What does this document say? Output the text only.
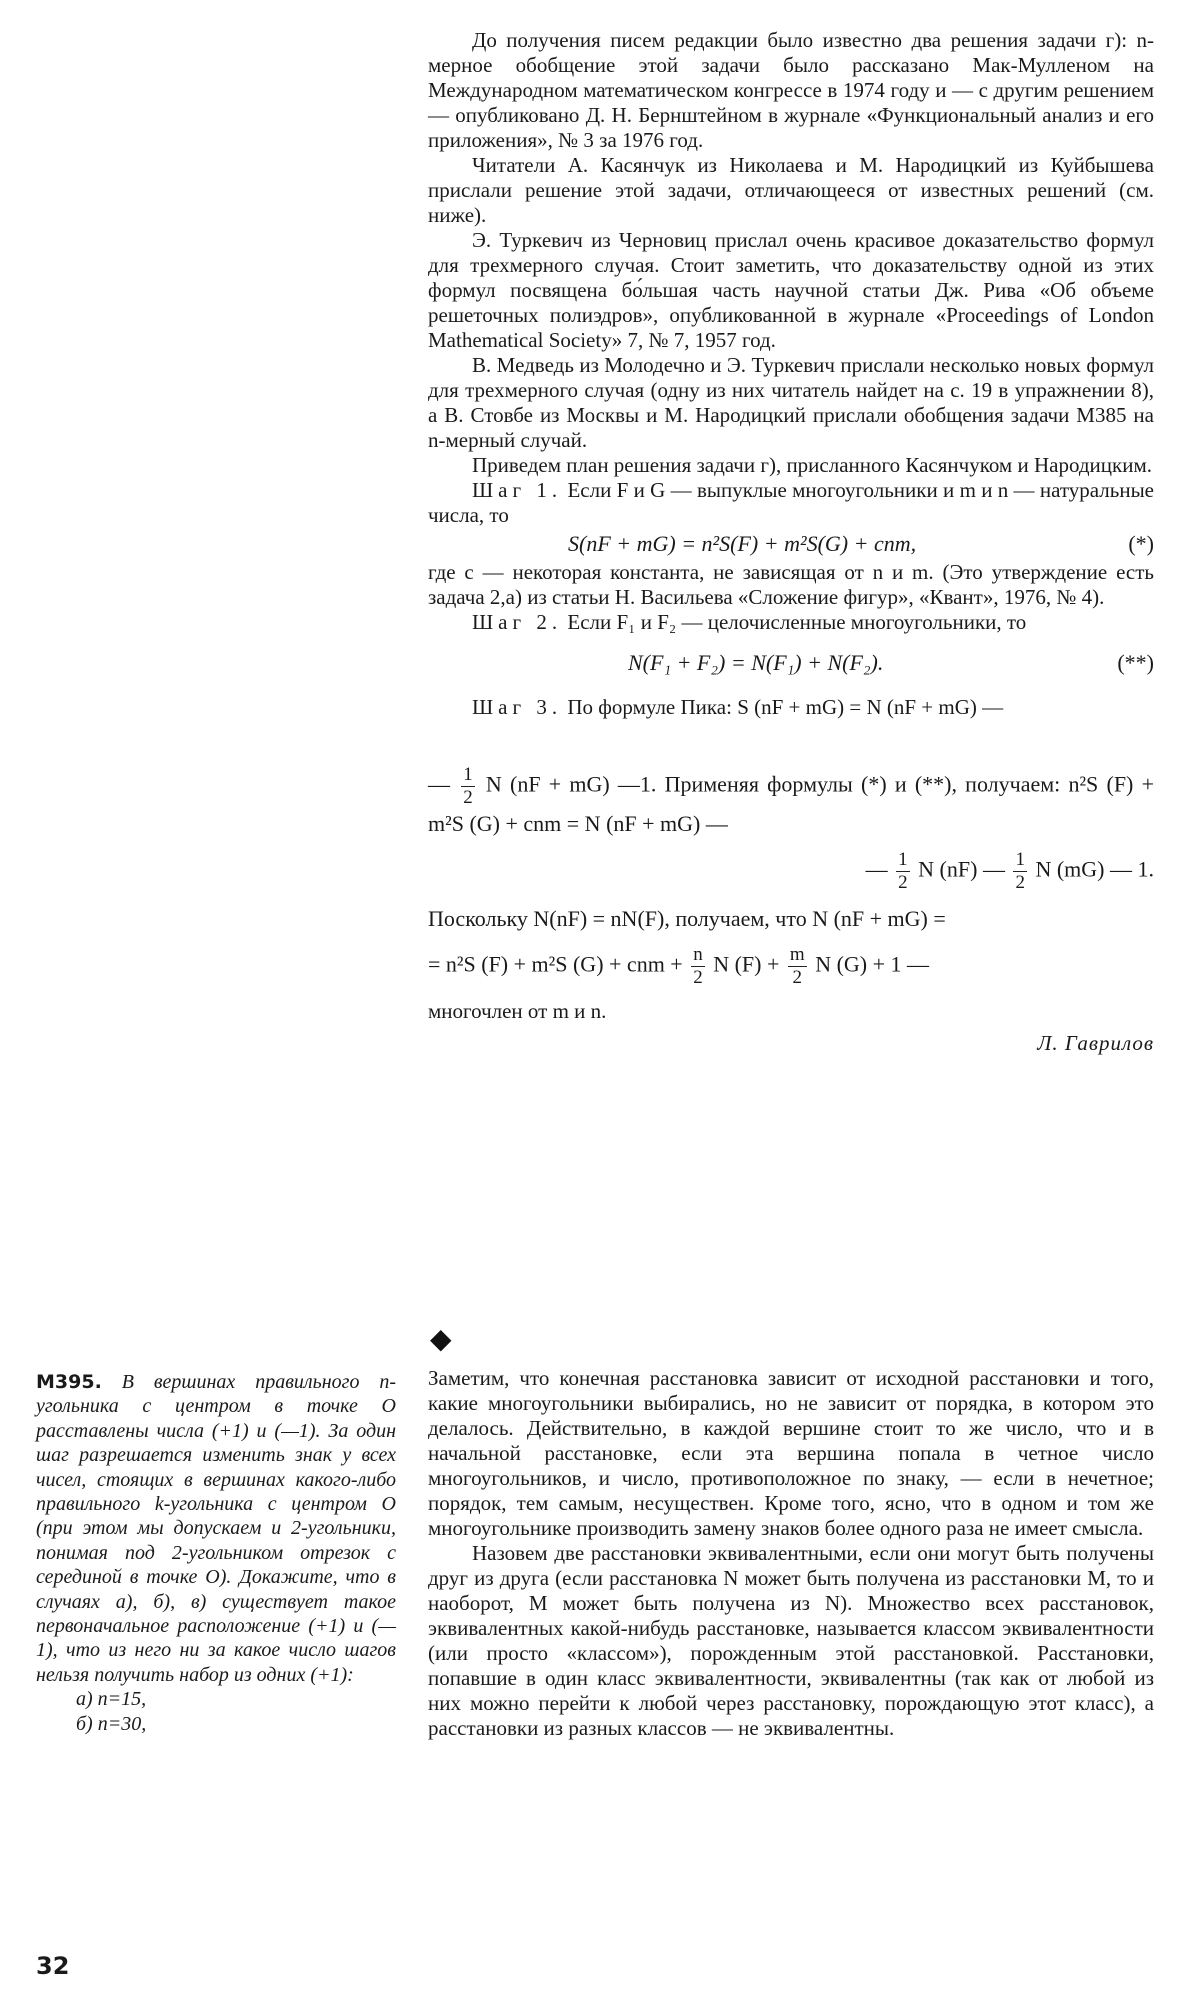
До получения писем редакции было известно два решения задачи г): n-мерное обобщение этой задачи было рассказано Мак-Мулленом на Международном математическом конгрессе в 1974 году и — с другим решением — опубликовано Д. Н. Бернштейном в журнале «Функциональный анализ и его приложения», № 3 за 1976 год.

Читатели А. Касянчук из Николаева и М. Народицкий из Куйбышева прислали решение этой задачи, отличающееся от известных решений (см. ниже).

Э. Туркевич из Черновиц прислал очень красивое доказательство формул для трехмерного случая. Стоит заметить, что доказательству одной из этих формул посвящена бо́льшая часть научной статьи Дж. Рива «Об объеме решеточных полиэдров», опубликованной в журнале «Proceedings of London Mathematical Society» 7, № 7, 1957 год.

В. Медведь из Молодечно и Э. Туркевич прислали несколько новых формул для трехмерного случая (одну из них читатель найдет на с. 19 в упражнении 8), а В. Стовбе из Москвы и М. Народицкий прислали обобщения задачи М385 на n-мерный случай.

Приведем план решения задачи г), присланного Касянчуком и Народицким.

Шаг 1. Если F и G — выпуклые многоугольники и m и n — натуральные числа, то

S(nF + mG) = n²S(F) + m²S(G) + cnm,	(*)

где c — некоторая константа, не зависящая от n и m. (Это утверждение есть задача 2,а) из статьи Н. Васильева «Сложение фигур», «Квант», 1976, № 4).

Шаг 2. Если F₁ и F₂ — целочисленные многоугольники, то

N(F₁ + F₂) = N(F₁) + N(F₂).	(**)

Шаг 3. По формуле Пика: S (nF + mG) = N (nF + mG) —

— $\frac{1}{2}$ N (nF + mG) —1. Применяя формулы (*) и (**), получаем: n²S (F) + m²S (G) + cnm = N (nF + mG) —
— $\frac{1}{2}$ N (nF) — $\frac{1}{2}$ N (mG) — 1.
Поскольку N(nF) = nN(F), получаем, что N (nF + mG) =
= n²S (F) + m²S (G) + cnm + $\frac{n}{2}$ N $(F) + \frac{m}{2}$ N (G) + 1 —

многочлен от m и n.

Л. Гаврилов
◆

М395. В вершинах правильного n-угольника с центром в точке O расставлены числа (+1) и (—1). За один шаг разрешается изменить знак у всех чисел, стоящих в вершинах какого-либо правильного k-угольника с центром O (при этом мы допускаем и 2-угольники, понимая под 2-угольником отрезок с серединой в точке O). Докажите, что в случаях а), б), в) существует такое первоначальное расположение (+1) и (—1), что из него ни за какое число шагов нельзя получить набор из одних (+1):

а) n=15,
б) n=30,

Заметим, что конечная расстановка зависит от исходной расстановки и того, какие многоугольники выбирались, но не зависит от порядка, в котором это делалось. Действительно, в каждой вершине стоит то же число, что и в начальной расстановке, если эта вершина попала в четное число многоугольников, и число, противоположное по знаку, — если в нечетное; порядок, тем самым, несуществен. Кроме того, ясно, что в одном и том же многоугольнике производить замену знаков более одного раза не имеет смысла.

Назовем две расстановки эквивалентными, если они могут быть получены друг из друга (если расстановка N может быть получена из расстановки M, то и наоборот, M может быть получена из N). Множество всех расстановок, эквивалентных какой-нибудь расстановке, называется классом эквивалентности (или просто «классом»), порожденным этой расстановкой. Расстановки, попавшие в один класс эквивалентности, эквивалентны (так как от любой из них можно перейти к любой через расстановку, порождающую этот класс), а расстановки из разных классов — не эквивалентны.

32
